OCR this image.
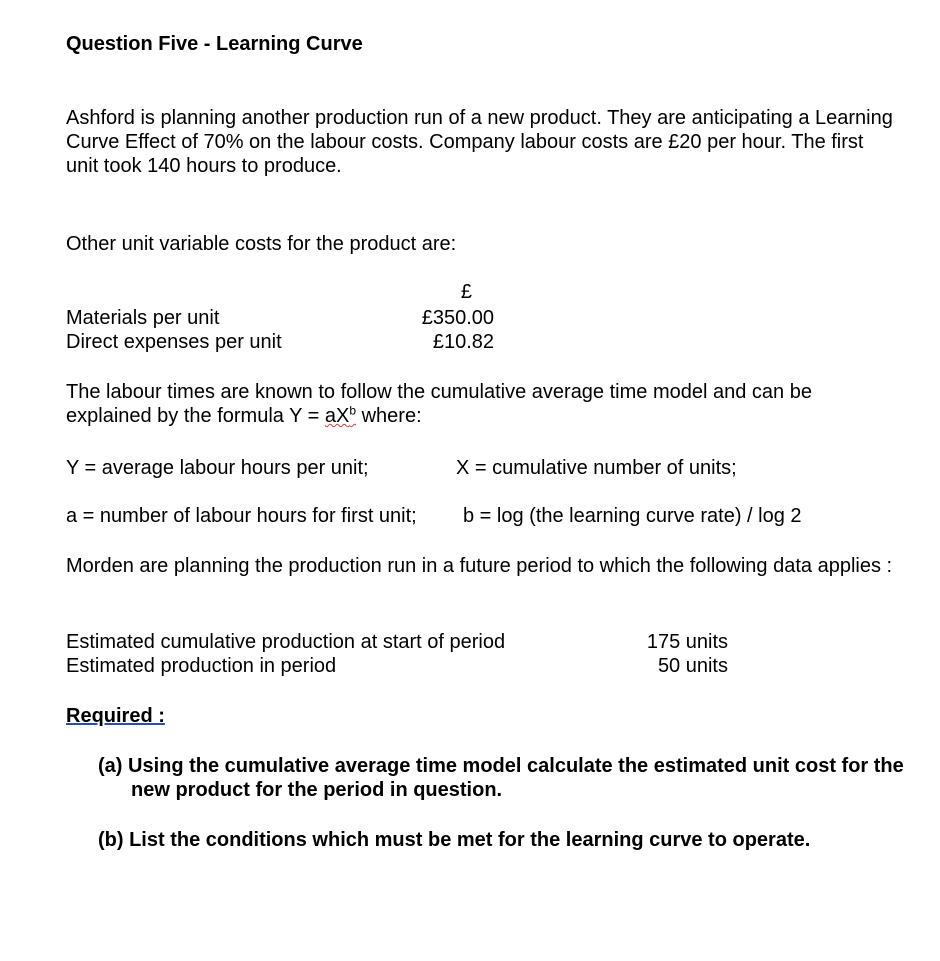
Question Five - Learning Curve

Ashford is planning another production run of a new product. They are anticipating a Learning Curve Effect of 70% on the labour costs. Company labour costs are £20 per hour. The first unit took 140 hours to produce.

Other unit variable costs for the product are:

£
Materials per unit	£350.00
Direct expenses per unit	£10.82

The labour times are known to follow the cumulative average time model and can be explained by the formula $Y = aX^b$ where:

Y = average labour hours per unit;	X = cumulative number of units;
a = number of labour hours for first unit; b = log (the learning curve rate) / log 2

Morden are planning the production run in a future period to which the following data applies :

Estimated cumulative production at start of period	175 units
Estimated production in period	50 units
Required :
(a) Using the cumulative average time model calculate the estimated unit cost for the new product for the period in question.
(b) List the conditions which must be met for the learning curve to operate.
